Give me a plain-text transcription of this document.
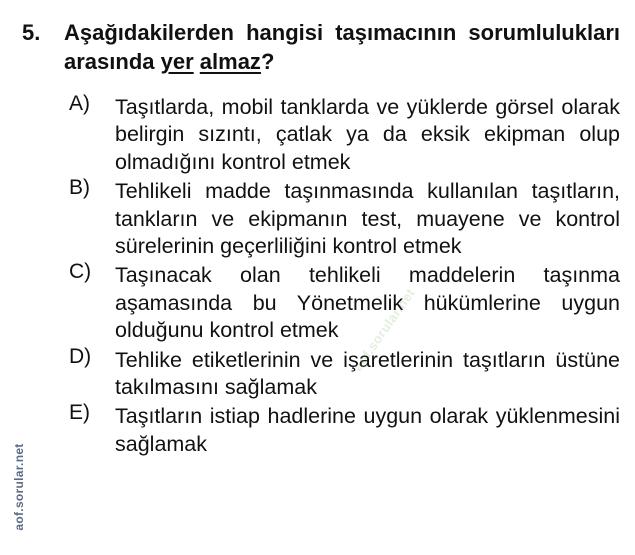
5.	Aşağıdakilerden hangisi taşımacının sorumlulukları arasında yer almaz?
A)	Taşıtlarda, mobil tanklarda ve yüklerde görsel olarak belirgin sızıntı, çatlak ya da eksik ekipman olup olmadığını kontrol etmek
B)	Tehlikeli madde taşınmasında kullanılan taşıtların, tankların ve ekipmanın test, muayene ve kontrol sürelerinin geçerliliğini kontrol etmek
C)	Taşınacak olan tehlikeli maddelerin taşınma aşamasında bu Yönetmelik hükümlerine uygun olduğunu kontrol etmek
D)	Tehlike etiketlerinin ve işaretlerinin taşıtların üstüne takılmasını sağlamak
E)	Taşıtların istiap hadlerine uygun olarak yüklenmesini sağlamak
aof.sorular.net
aof.sorular.net
